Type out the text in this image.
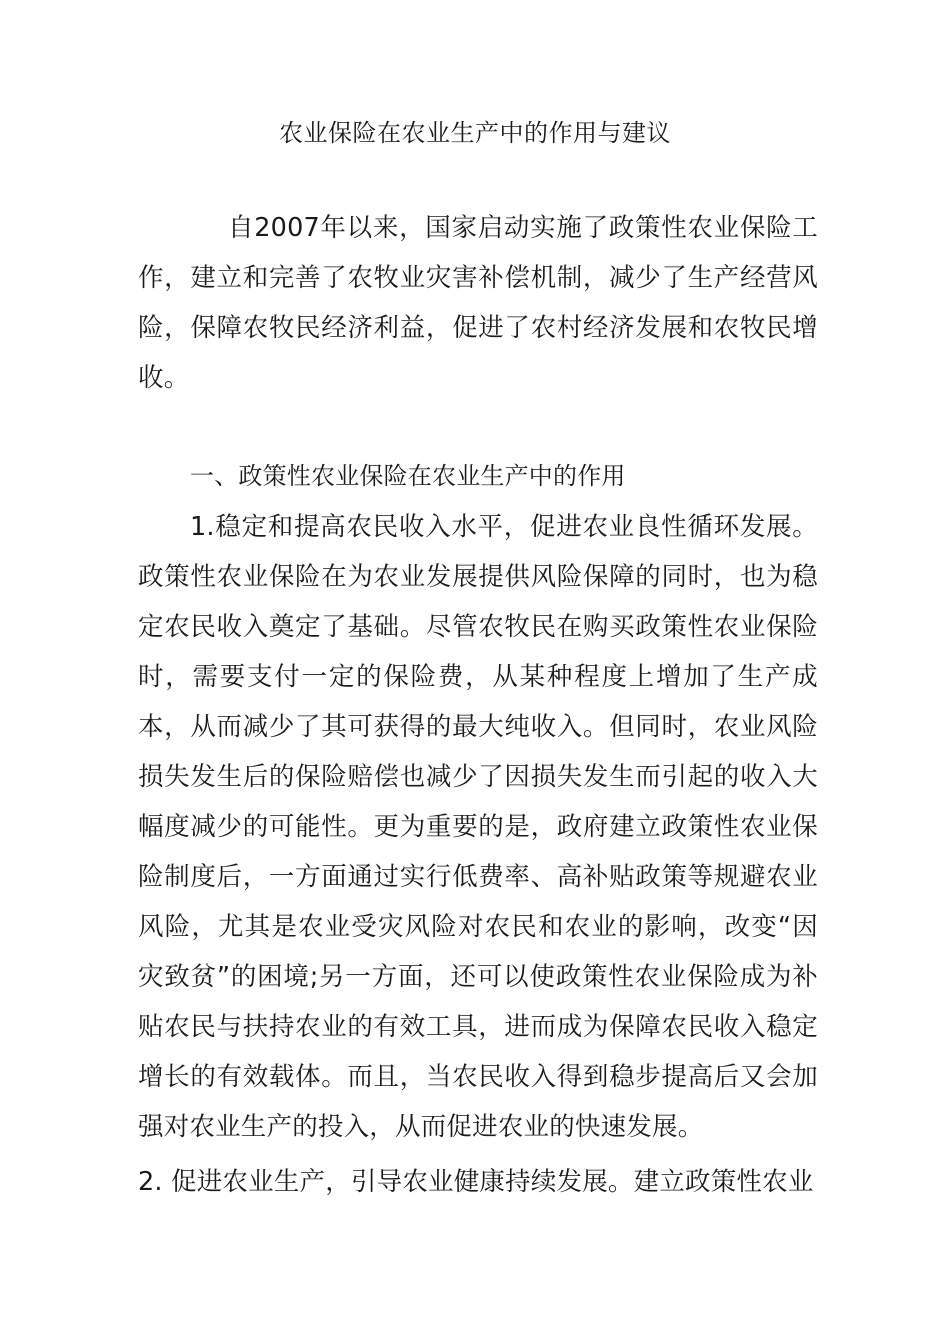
农业保险在农业生产中的作用与建议

自2007年以来，国家启动实施了政策性农业保险工作，建立和完善了农牧业灾害补偿机制，减少了生产经营风险，保障农牧民经济利益，促进了农村经济发展和农牧民增收。

一、政策性农业保险在农业生产中的作用

1.稳定和提高农民收入水平，促进农业良性循环发展。政策性农业保险在为农业发展提供风险保障的同时，也为稳定农民收入奠定了基础。尽管农牧民在购买政策性农业保险时，需要支付一定的保险费，从某种程度上增加了生产成本，从而减少了其可获得的最大纯收入。但同时，农业风险损失发生后的保险赔偿也减少了因损失发生而引起的收入大幅度减少的可能性。更为重要的是，政府建立政策性农业保险制度后，一方面通过实行低费率、高补贴政策等规避农业风险，尤其是农业受灾风险对农民和农业的影响，改变“因灾致贫”的困境;另一方面，还可以使政策性农业保险成为补贴农民与扶持农业的有效工具，进而成为保障农民收入稳定增长的有效载体。而且，当农民收入得到稳步提高后又会加强对农业生产的投入，从而促进农业的快速发展。

2. 促进农业生产，引导农业健康持续发展。建立政策性农业
